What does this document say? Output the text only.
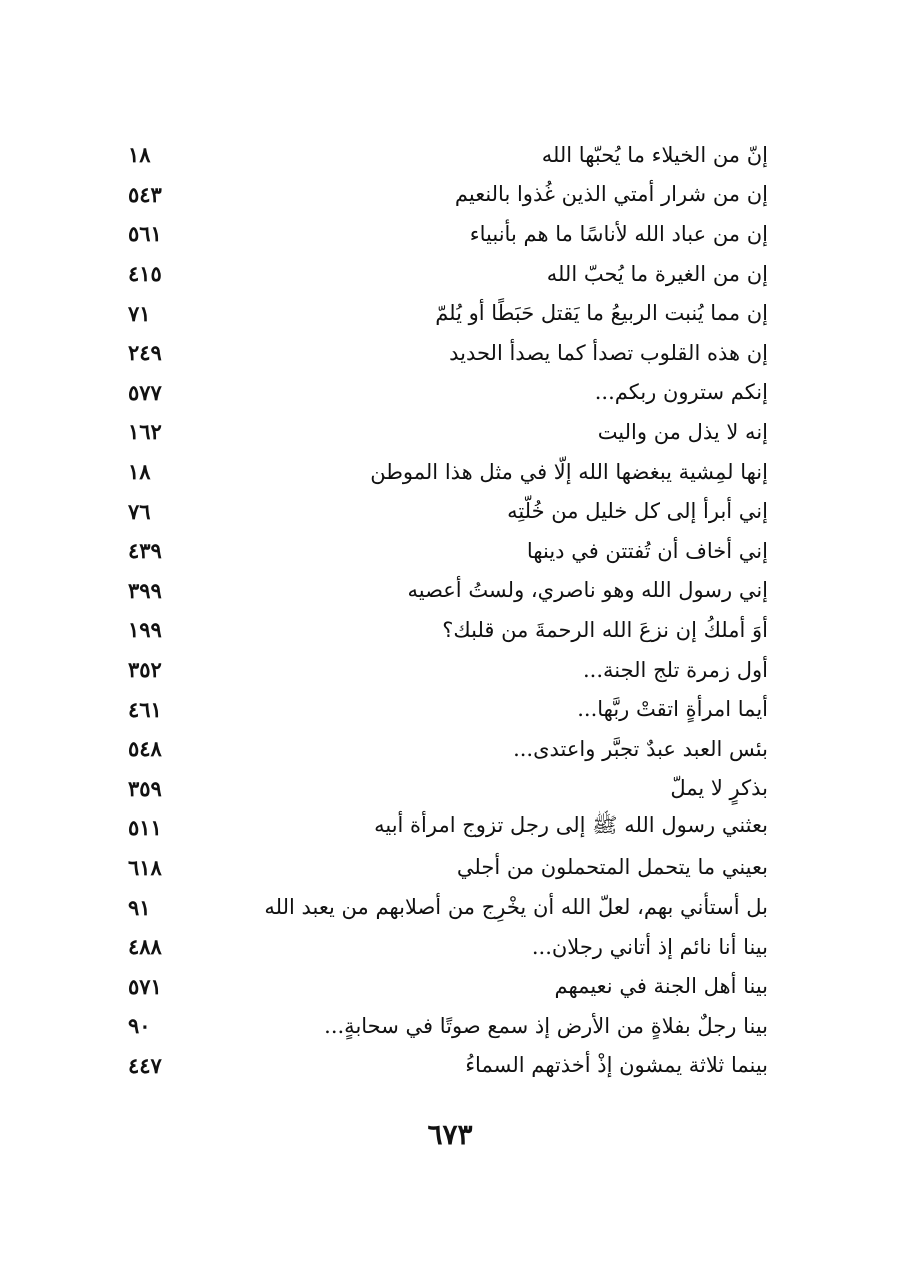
إنّ من الخيلاء ما يُحبّها الله
١٨
إن من شرار أمتي الذين غُذوا بالنعيم
٥٤٣
إن من عباد الله لأناسًا ما هم بأنبياء
٥٦١
إن من الغيرة ما يُحبّ الله
٤١٥
إن مما يُنبت الربيعُ ما يَقتل حَبَطًا أو يُلمّ
٧١
إن هذه القلوب تصدأ كما يصدأ الحديد
٢٤٩
إنكم سترون ربكم...
٥٧٧
إنه لا يذل من واليت
١٦٢
إنها لمِشية يبغضها الله إلّا في مثل هذا الموطن
١٨
إني أبرأ إلى كل خليل من خُلّتِه
٧٦
إني أخاف أن تُفتتن في دينها
٤٣٩
إني رسول الله وهو ناصري، ولستُ أعصيه
٣٩٩
أوَ أملكُ إن نزعَ الله الرحمةَ من قلبك؟
١٩٩
أول زمرة تلج الجنة...
٣٥٢
أيما امرأةٍ اتقتْ ربَّها...
٤٦١
بئس العبد عبدٌ تجبَّر واعتدى...
٥٤٨
بذكرٍ لا يملّ
٣٥٩
بعثني رسول الله ﷺ إلى رجل تزوج امرأة أبيه
٥١١
بعيني ما يتحمل المتحملون من أجلي
٦١٨
بل أستأني بهم، لعلّ الله أن يخْرِج من أصلابهم من يعبد الله
٩١
بينا أنا نائم إذ أتاني رجلان...
٤٨٨
بينا أهل الجنة في نعيمهم
٥٧١
بينا رجلٌ بفلاةٍ من الأرض إذ سمع صوتًا في سحابةٍ...
٩٠
بينما ثلاثة يمشون إذْ أخذتهم السماءُ
٤٤٧
٦٧٣
